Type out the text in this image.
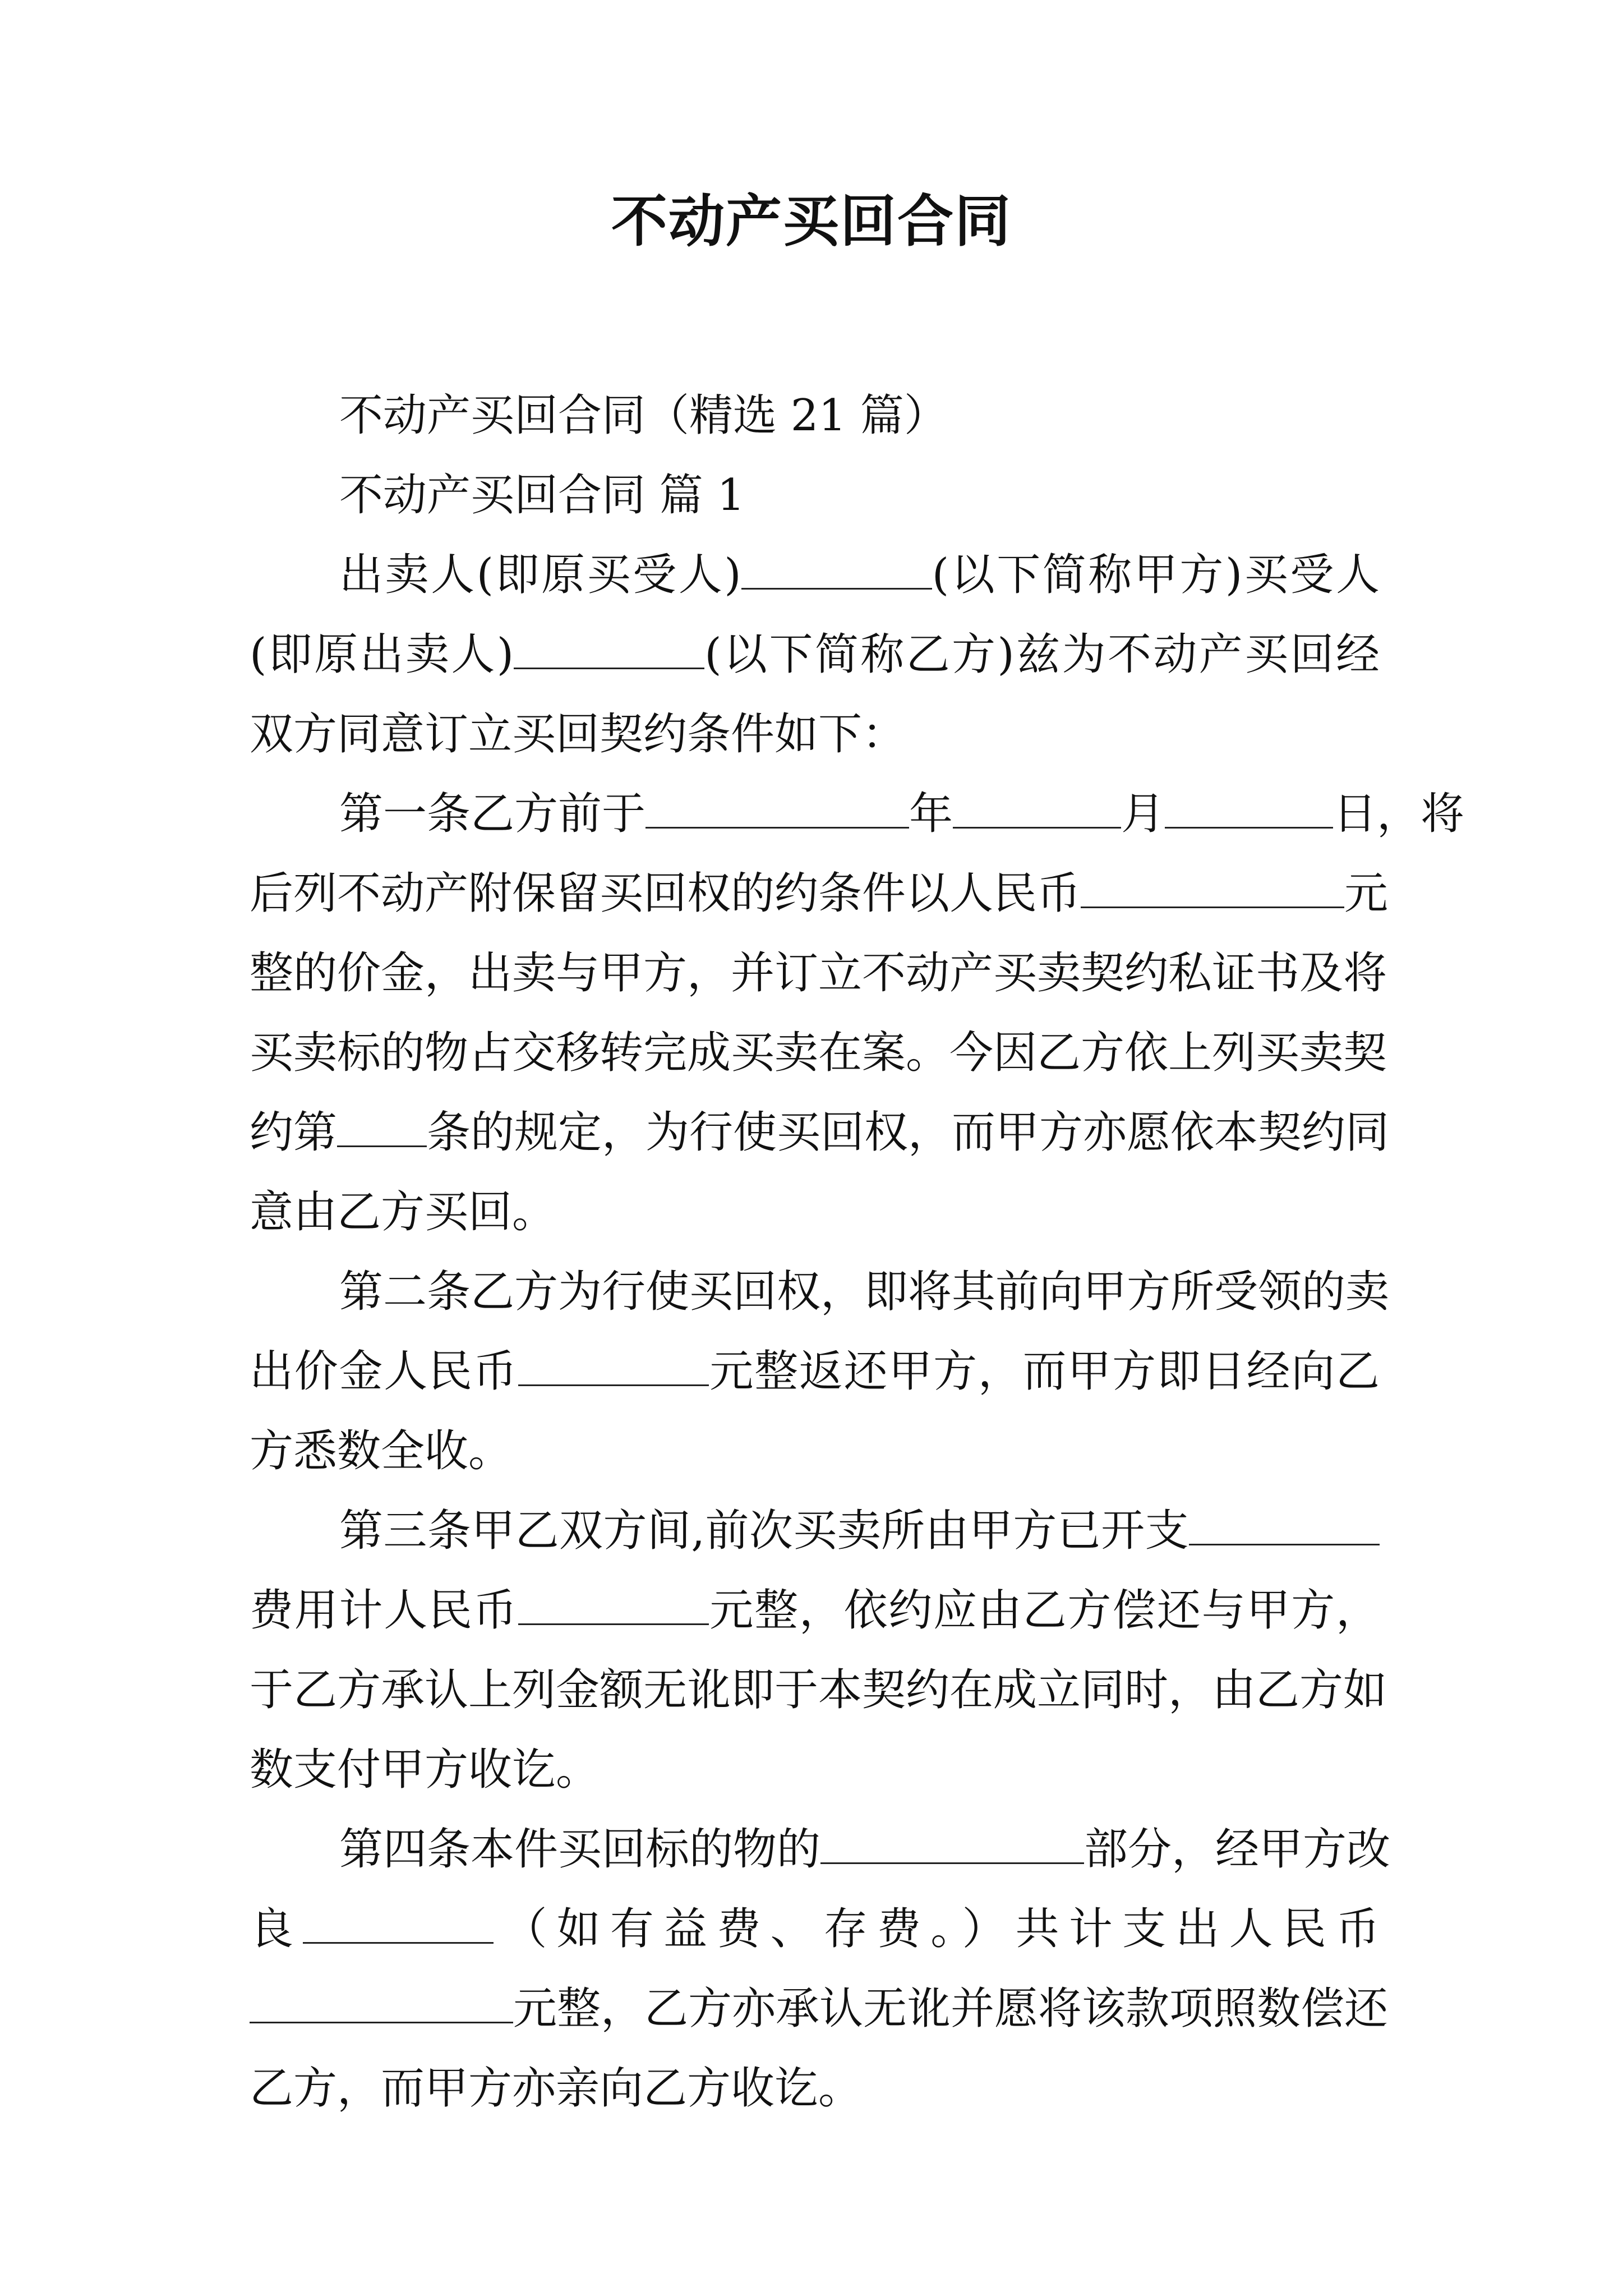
不动产买回合同
不动产买回合同（精选 21 篇）
不动产买回合同 篇 1
出卖人(即原买受人)	(以下简称甲方)买受人
(即原出卖人)	(以下简称乙方)兹为不动产买回经
双方同意订立买回契约条件如下：
第一条乙方前于	年	月	日，将
后列不动产附保留买回权的约条件以人民币	元
整的价金，出卖与甲方，并订立不动产买卖契约私证书及将
买卖标的物占交移转完成买卖在案。今因乙方依上列买卖契
约第 条的规定，为行使买回权，而甲方亦愿依本契约同
意由乙方买回。
第二条乙方为行使买回权，即将其前向甲方所受领的卖
出价金人民币	元整返还甲方，而甲方即日经向乙
方悉数全收。
第三条甲乙双方间,前次买卖所由甲方已开支
费用计人民币	元整，依约应由乙方偿还与甲方，
于乙方承认上列金额无讹即于本契约在成立同时，由乙方如
数支付甲方收讫。
第四条本件买回标的物的	部分，经甲方改
良	（如有益费、存费。）共计支出人民币
元整，乙方亦承认无讹并愿将该款项照数偿还
乙方，而甲方亦亲向乙方收讫。
